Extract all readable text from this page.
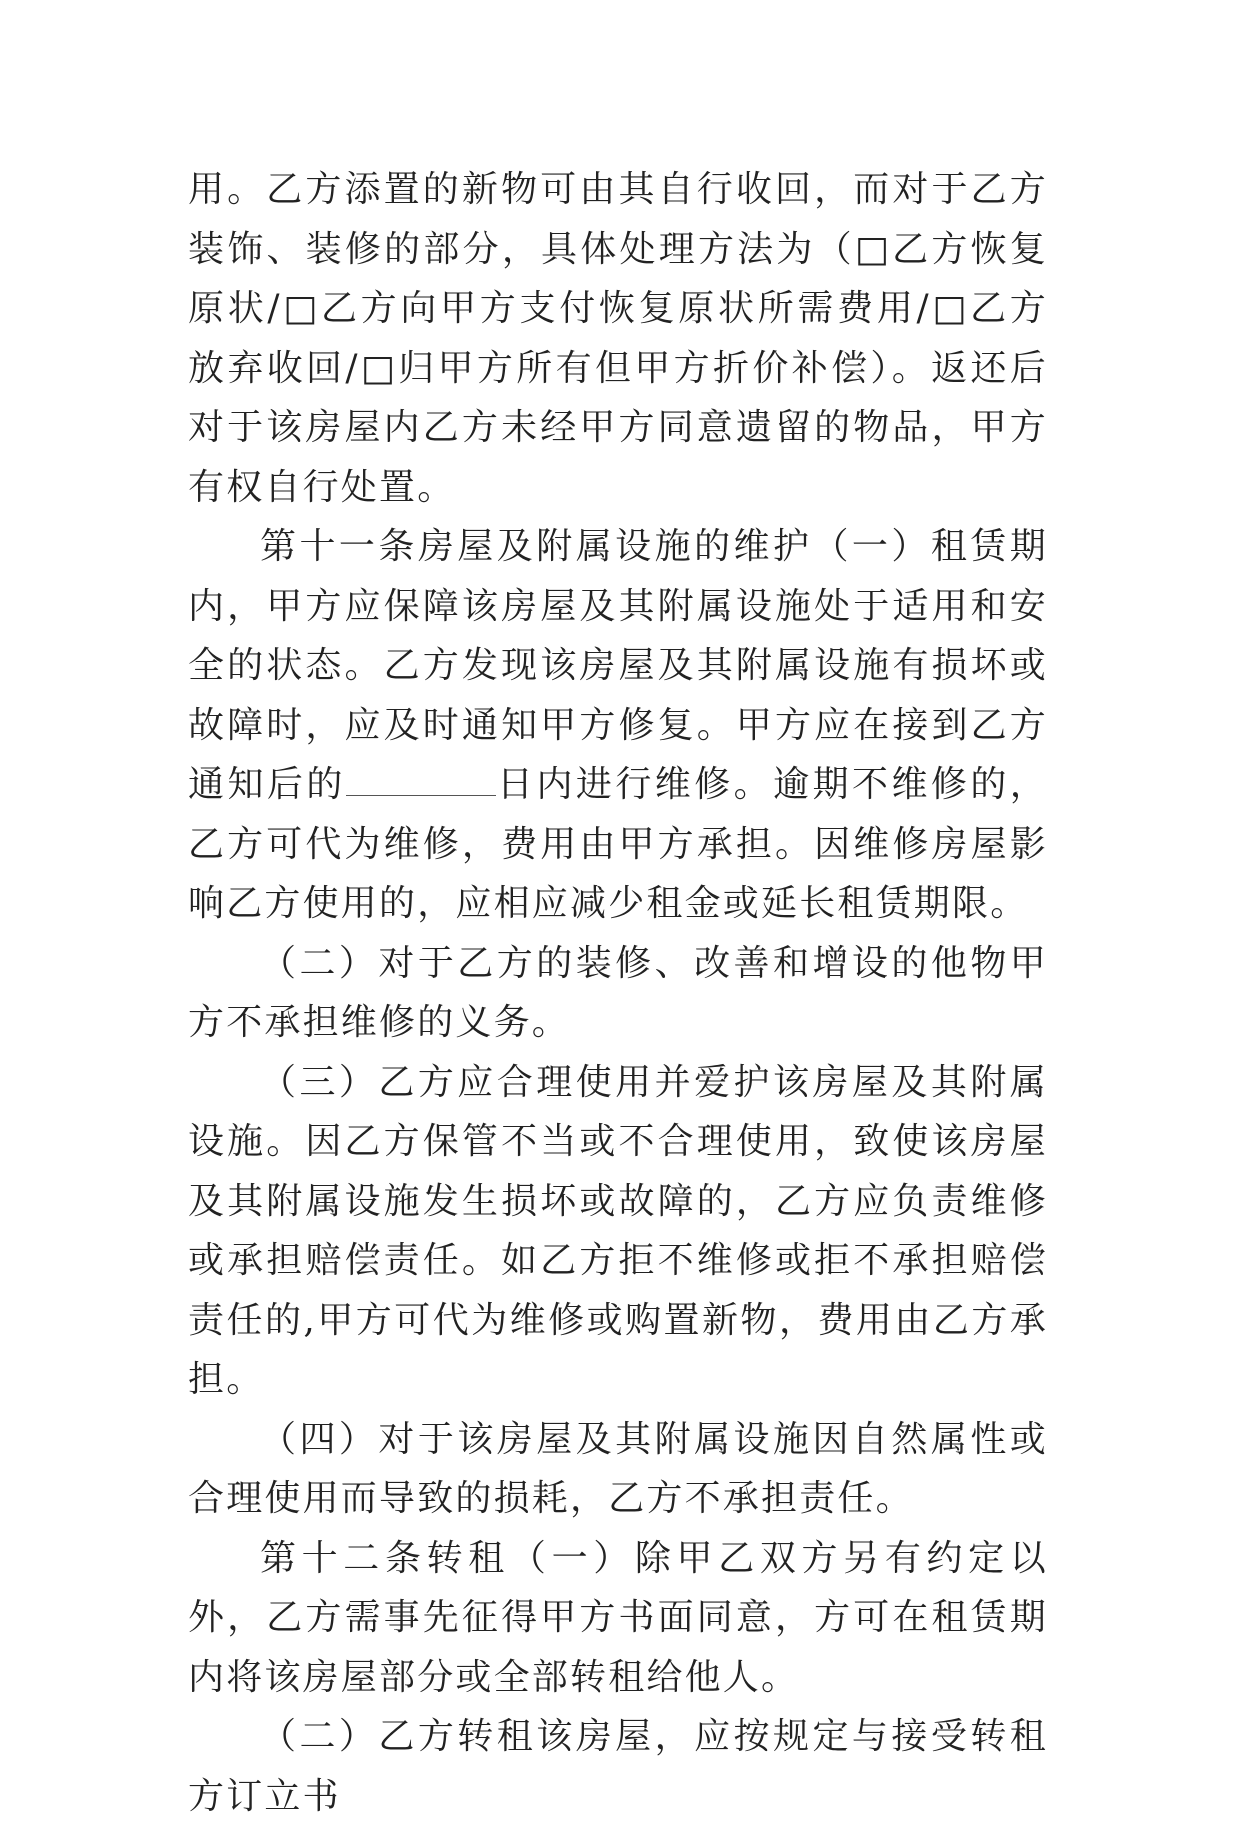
用。乙方添置的新物可由其自行收回，而对于乙方装饰、装修的部分，具体处理方法为（□乙方恢复原状/□乙方向甲方支付恢复原状所需费用/□乙方放弃收回/□归甲方所有但甲方折价补偿）。返还后对于该房屋内乙方未经甲方同意遗留的物品，甲方有权自行处置。

第十一条房屋及附属设施的维护（一）租赁期内，甲方应保障该房屋及其附属设施处于适用和安全的状态。乙方发现该房屋及其附属设施有损坏或故障时，应及时通知甲方修复。甲方应在接到乙方通知后的	日内进行维修。逾期不维修的，乙方可代为维修，费用由甲方承担。因维修房屋影响乙方使用的，应相应减少租金或延长租赁期限。

（二）对于乙方的装修、改善和增设的他物甲方不承担维修的义务。

（三）乙方应合理使用并爱护该房屋及其附属设施。因乙方保管不当或不合理使用，致使该房屋及其附属设施发生损坏或故障的，乙方应负责维修或承担赔偿责任。如乙方拒不维修或拒不承担赔偿责任的,甲方可代为维修或购置新物，费用由乙方承担。

（四）对于该房屋及其附属设施因自然属性或合理使用而导致的损耗，乙方不承担责任。

第十二条转租（一）除甲乙双方另有约定以外，乙方需事先征得甲方书面同意，方可在租赁期内将该房屋部分或全部转租给他人。

（二）乙方转租该房屋，应按规定与接受转租方订立书
